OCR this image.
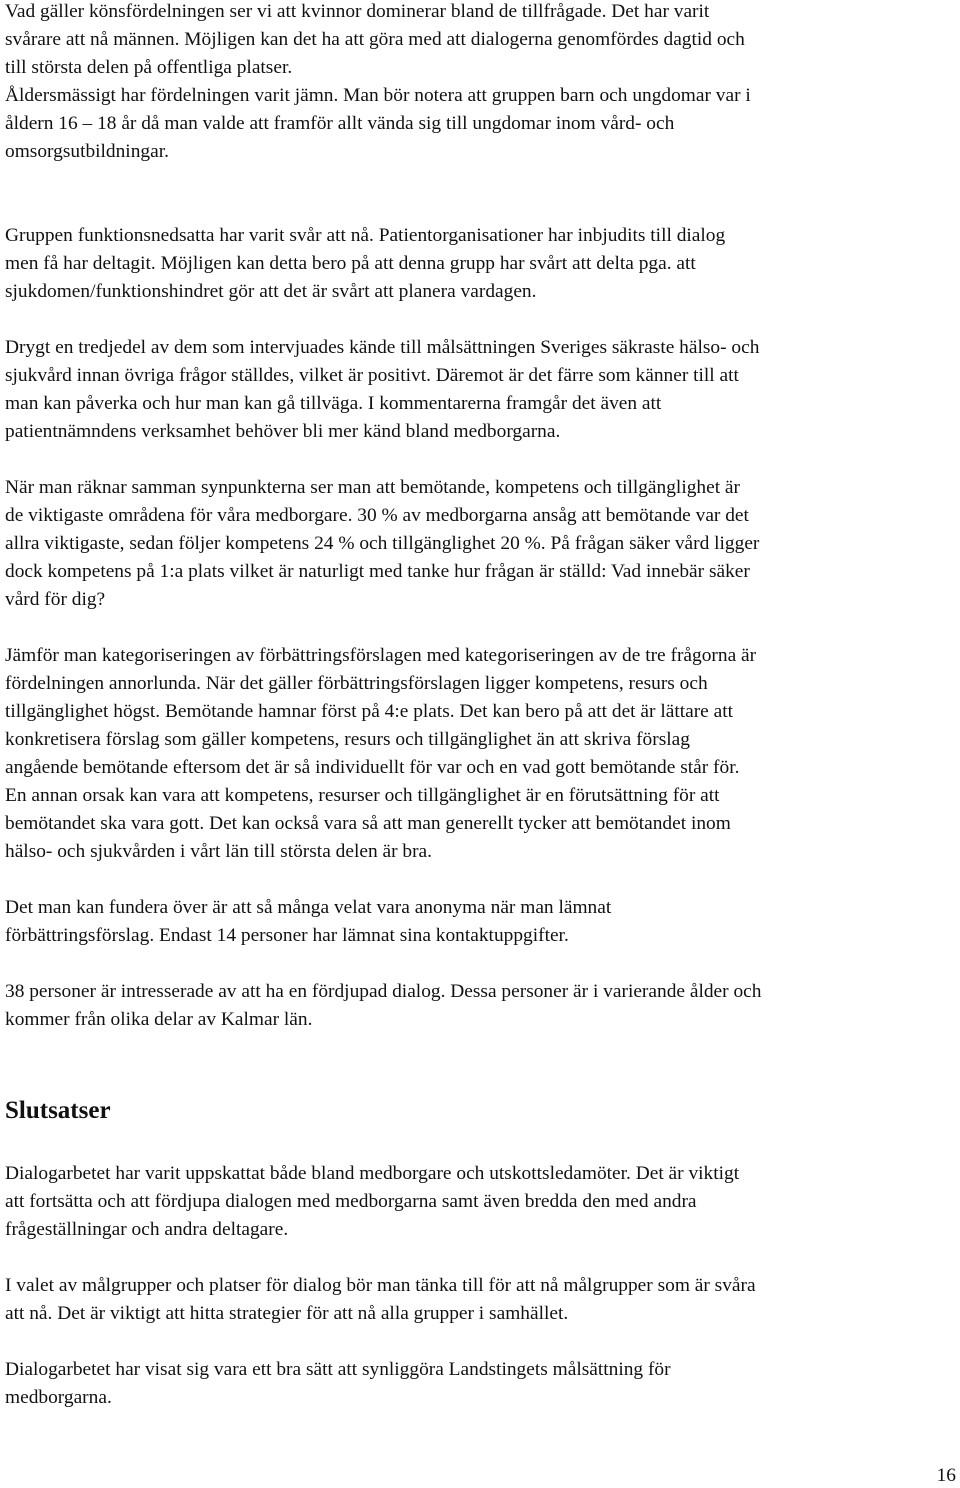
Vad gäller könsfördelningen ser vi att kvinnor dominerar bland de tillfrågade. Det har varit
svårare att nå männen. Möjligen kan det ha att göra med att dialogerna genomfördes dagtid och
till största delen på offentliga platser.

Åldersmässigt har fördelningen varit jämn. Man bör notera att gruppen barn och ungdomar var i
åldern 16 – 18 år då man valde att framför allt vända sig till ungdomar inom vård- och
omsorgsutbildningar.

Gruppen funktionsnedsatta har varit svår att nå. Patientorganisationer har inbjudits till dialog
men få har deltagit. Möjligen kan detta bero på att denna grupp har svårt att delta pga. att
sjukdomen/funktionshindret gör att det är svårt att planera vardagen.

Drygt en tredjedel av dem som intervjuades kände till målsättningen Sveriges säkraste hälso- och
sjukvård innan övriga frågor ställdes, vilket är positivt. Däremot är det färre som känner till att
man kan påverka och hur man kan gå tillväga. I kommentarerna framgår det även att
patientnämndens verksamhet behöver bli mer känd bland medborgarna.

När man räknar samman synpunkterna ser man att bemötande, kompetens och tillgänglighet är
de viktigaste områdena för våra medborgare. 30 % av medborgarna ansåg att bemötande var det
allra viktigaste, sedan följer kompetens 24 % och tillgänglighet 20 %. På frågan säker vård ligger
dock kompetens på 1:a plats vilket är naturligt med tanke hur frågan är ställd: Vad innebär säker
vård för dig?

Jämför man kategoriseringen av förbättringsförslagen med kategoriseringen av de tre frågorna är
fördelningen annorlunda. När det gäller förbättringsförslagen ligger kompetens, resurs och
tillgänglighet högst. Bemötande hamnar först på 4:e plats. Det kan bero på att det är lättare att
konkretisera förslag som gäller kompetens, resurs och tillgänglighet än att skriva förslag
angående bemötande eftersom det är så individuellt för var och en vad gott bemötande står för.
En annan orsak kan vara att kompetens, resurser och tillgänglighet är en förutsättning för att
bemötandet ska vara gott. Det kan också vara så att man generellt tycker att bemötandet inom
hälso- och sjukvården i vårt län till största delen är bra.

Det man kan fundera över är att så många velat vara anonyma när man lämnat
förbättringsförslag. Endast 14 personer har lämnat sina kontaktuppgifter.

38 personer är intresserade av att ha en fördjupad dialog. Dessa personer är i varierande ålder och
kommer från olika delar av Kalmar län.

Slutsatser

Dialogarbetet har varit uppskattat både bland medborgare och utskottsledamöter. Det är viktigt
att fortsätta och att fördjupa dialogen med medborgarna samt även bredda den med andra
frågeställningar och andra deltagare.

I valet av målgrupper och platser för dialog bör man tänka till för att nå målgrupper som är svåra
att nå. Det är viktigt att hitta strategier för att nå alla grupper i samhället.

Dialogarbetet har visat sig vara ett bra sätt att synliggöra Landstingets målsättning för
medborgarna.

16
